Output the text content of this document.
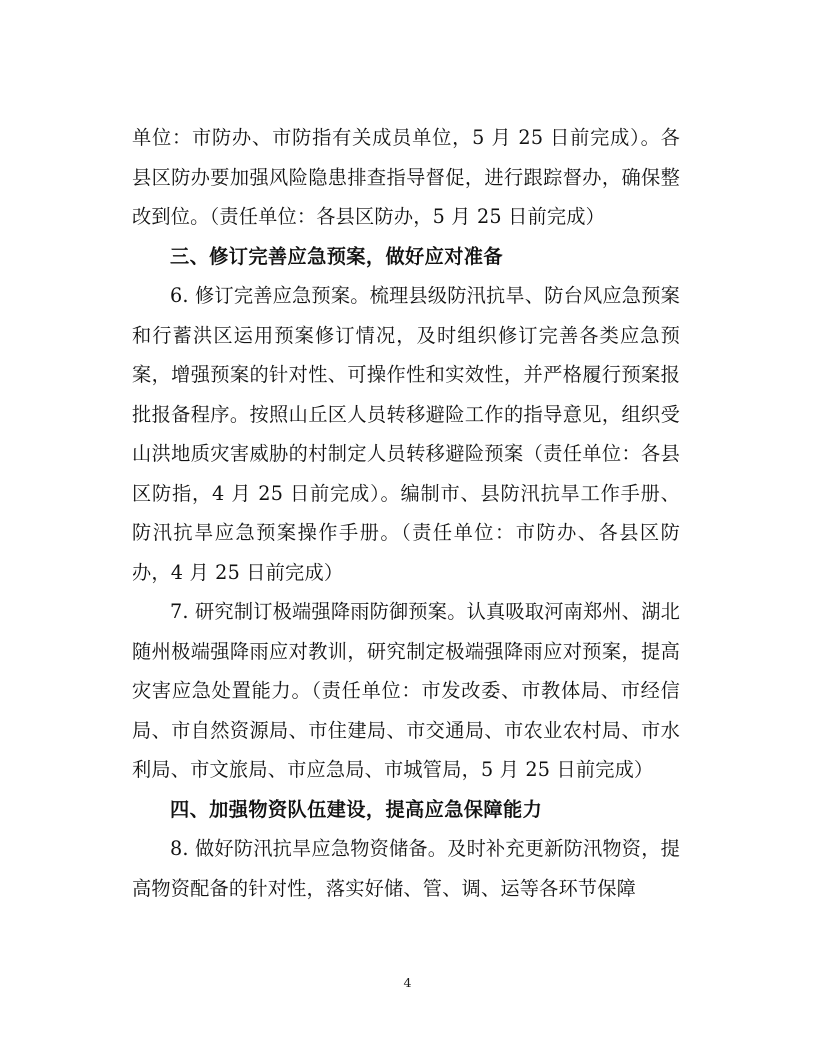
单位：市防办、市防指有关成员单位，5 月 25 日前完成）。各县区防办要加强风险隐患排查指导督促，进行跟踪督办，确保整改到位。（责任单位：各县区防办，5 月 25 日前完成）

三、修订完善应急预案，做好应对准备

6. 修订完善应急预案。梳理县级防汛抗旱、防台风应急预案和行蓄洪区运用预案修订情况，及时组织修订完善各类应急预案，增强预案的针对性、可操作性和实效性，并严格履行预案报批报备程序。按照山丘区人员转移避险工作的指导意见，组织受山洪地质灾害威胁的村制定人员转移避险预案（责任单位：各县区防指，4 月 25 日前完成）。编制市、县防汛抗旱工作手册、防汛抗旱应急预案操作手册。（责任单位：市防办、各县区防办，4 月 25 日前完成）

7. 研究制订极端强降雨防御预案。认真吸取河南郑州、湖北随州极端强降雨应对教训，研究制定极端强降雨应对预案，提高灾害应急处置能力。（责任单位：市发改委、市教体局、市经信局、市自然资源局、市住建局、市交通局、市农业农村局、市水利局、市文旅局、市应急局、市城管局，5 月 25 日前完成）

四、加强物资队伍建设，提高应急保障能力

8. 做好防汛抗旱应急物资储备。及时补充更新防汛物资，提高物资配备的针对性，落实好储、管、调、运等各环节保障

4
